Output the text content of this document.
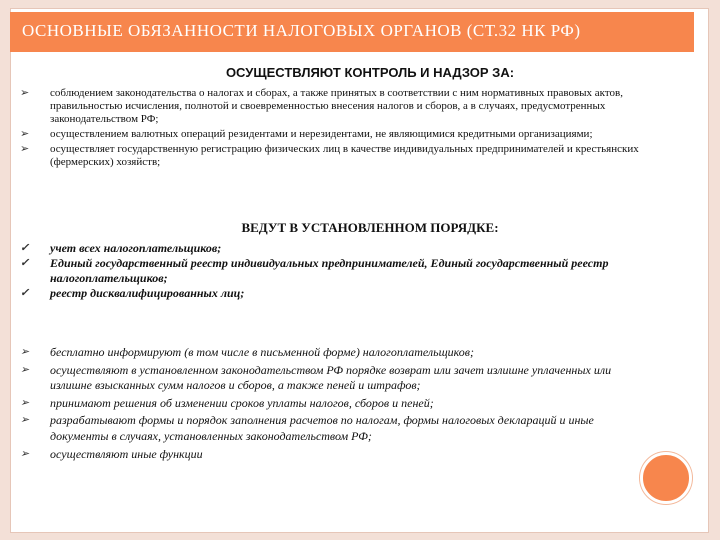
ОСНОВНЫЕ ОБЯЗАННОСТИ НАЛОГОВЫХ ОРГАНОВ (СТ.32 НК РФ)
ОСУЩЕСТВЛЯЮТ КОНТРОЛЬ И НАДЗОР ЗА:
➢ соблюдением законодательства о налогах и сборах, а также принятых в соответствии с ним нормативных правовых актов, правильностью исчисления, полнотой и своевременностью внесения налогов и сборов, а в случаях, предусмотренных законодательством РФ;
➢ осуществлением валютных операций резидентами и нерезидентами, не являющимися кредитными организациями;
➢ осуществляет государственную регистрацию физических лиц в качестве индивидуальных предпринимателей и крестьянских (фермерских) хозяйств;
ВЕДУТ В УСТАНОВЛЕННОМ ПОРЯДКЕ:
✓ учет всех налогоплательщиков;
✓ Единый государственный реестр индивидуальных предпринимателей, Единый государственный реестр налогоплательщиков;
✓ реестр дисквалифицированных лиц;
➢ бесплатно информируют (в том числе в письменной форме) налогоплательщиков;
➢ осуществляют в установленном законодательством РФ порядке возврат или зачет излишне уплаченных или излишне взысканных сумм налогов и сборов, а также пеней и штрафов;
➢ принимают решения об изменении сроков уплаты налогов, сборов и пеней;
➢ разрабатывают формы и порядок заполнения расчетов по налогам, формы налоговых деклараций и иные документы в случаях, установленных законодательством РФ;
➢ осуществляют иные функции
